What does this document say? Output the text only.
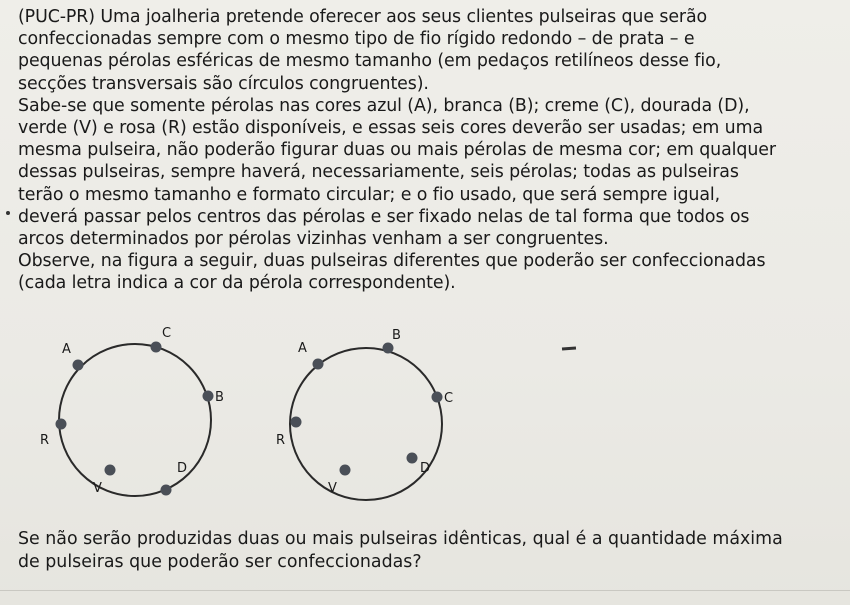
(PUC-PR) Uma joalheria pretende oferecer aos seus clientes pulseiras que serão

confeccionadas sempre com o mesmo tipo de fio rígido redondo – de prata – e

pequenas pérolas esféricas de mesmo tamanho (em pedaços retilíneos desse fio,

secções transversais são círculos congruentes).

Sabe-se que somente pérolas nas cores azul (A), branca (B); creme (C), dourada (D),

verde (V) e rosa (R) estão disponíveis, e essas seis cores deverão ser usadas; em uma

mesma pulseira, não poderão figurar duas ou mais pérolas de mesma cor; em qualquer

dessas pulseiras, sempre haverá, necessariamente, seis pérolas; todas as pulseiras

terão o mesmo tamanho e formato circular; e o fio usado, que será sempre igual,

deverá passar pelos centros das pérolas e ser fixado nelas de tal forma que todos os

arcos determinados por pérolas vizinhas venham a ser congruentes.

Observe, na figura a seguir, duas pulseiras diferentes que poderão ser confeccionadas

(cada letra indica a cor da pérola correspondente).

C
B
D
V
R
A
B
C
D
V
R
A

Se não serão produzidas duas ou mais pulseiras idênticas, qual é a quantidade máxima

de pulseiras que poderão ser confeccionadas?
